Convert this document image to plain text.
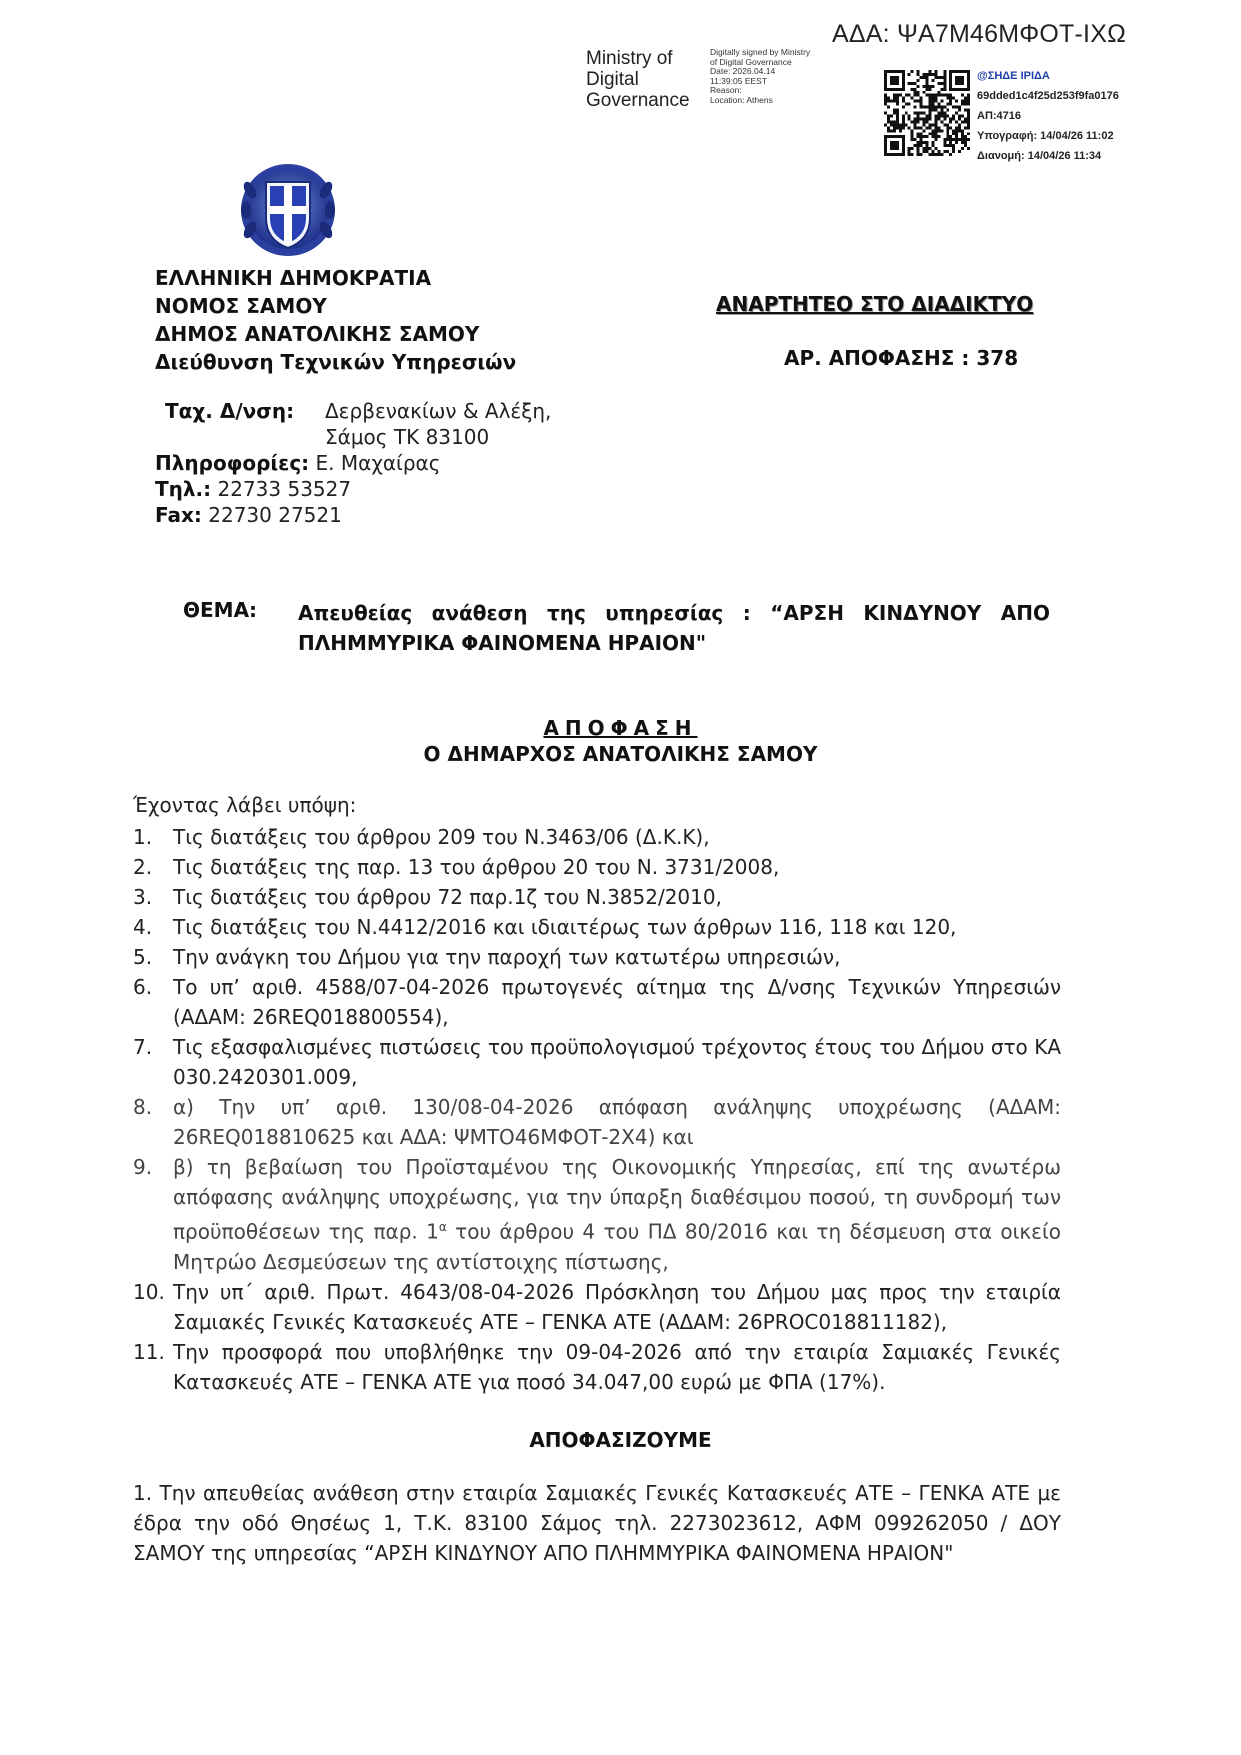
ΑΔΑ: ΨΑ7Μ46ΜΦΟΤ-ΙΧΩ
Ministry of
Digital
Governance
Digitally signed by Ministry
of Digital Governance
Date: 2026.04.14
11:39:05 EEST
Reason:
Location: Athens
@ΣΗΔΕ ΙΡΙΔΑ
69dded1c4f25d253f9fa0176
ΑΠ:4716
Υπογραφή: 14/04/26 11:02
Διανομή: 14/04/26 11:34
ΕΛΛΗΝΙΚΗ ΔΗΜΟΚΡΑΤΙΑ
ΝΟΜΟΣ ΣΑΜΟΥ
ΔΗΜΟΣ ΑΝΑΤΟΛΙΚΗΣ ΣΑΜΟΥ
Διεύθυνση Τεχνικών Υπηρεσιών
ΑΝΑΡΤΗΤΕΟ ΣΤΟ ΔΙΑΔΙΚΤΥΟ
ΑΡ. ΑΠΟΦΑΣΗΣ : 378
Ταχ. Δ/νση: Δερβενακίων & Αλέξη,
Σάμος ΤΚ 83100
Πληροφορίες: Ε. Μαχαίρας
Τηλ.: 22733 53527
Fax: 22730 27521
ΘΕΜΑ: Απευθείας ανάθεση της υπηρεσίας : “ΑΡΣΗ ΚΙΝΔΥΝΟΥ ΑΠΟ ΠΛΗΜΜΥΡΙΚΑ ΦΑΙΝΟΜΕΝΑ ΗΡΑΙΟΝ"
ΑΠΟΦΑΣΗ
Ο ΔΗΜΑΡΧΟΣ ΑΝΑΤΟΛΙΚΗΣ ΣΑΜΟΥ
Έχοντας λάβει υπόψη:
1. Τις διατάξεις του άρθρου 209 του Ν.3463/06 (Δ.Κ.Κ),
2. Τις διατάξεις της παρ. 13 του άρθρου 20 του Ν. 3731/2008,
3. Τις διατάξεις του άρθρου 72 παρ.1ζ του Ν.3852/2010,
4. Τις διατάξεις του Ν.4412/2016 και ιδιαιτέρως των άρθρων 116, 118 και 120,
5. Την ανάγκη του Δήμου για την παροχή των κατωτέρω υπηρεσιών,
6. Το υπ’ αριθ. 4588/07-04-2026 πρωτογενές αίτημα της Δ/νσης Τεχνικών Υπηρεσιών (ΑΔΑΜ: 26REQ018800554),
7. Τις εξασφαλισμένες πιστώσεις του προϋπολογισμού τρέχοντος έτους του Δήμου στο ΚΑ 030.2420301.009,
8. α) Την υπ’ αριθ. 130/08-04-2026 απόφαση ανάληψης υποχρέωσης (ΑΔΑΜ: 26REQ018810625 και ΑΔΑ: ΨΜΤΟ46ΜΦΟΤ-2Χ4) και
9. β) τη βεβαίωση του Προϊσταμένου της Οικονομικής Υπηρεσίας, επί της ανωτέρω απόφασης ανάληψης υποχρέωσης, για την ύπαρξη διαθέσιμου ποσού, τη συνδρομή των προϋποθέσεων της παρ. $1^\alpha$ του άρθρου 4 του ΠΔ 80/2016 και τη δέσμευση στα οικείο Μητρώο Δεσμεύσεων της αντίστοιχης πίστωσης,
10. Την υπ΄ αριθ. Πρωτ. 4643/08-04-2026 Πρόσκληση του Δήμου μας προς την εταιρία Σαμιακές Γενικές Κατασκευές ΑΤΕ – ΓΕΝΚΑ ΑΤΕ (ΑΔΑΜ: 26PROC018811182),
11. Την προσφορά που υποβλήθηκε την 09-04-2026 από την εταιρία Σαμιακές Γενικές Κατασκευές ΑΤΕ – ΓΕΝΚΑ ΑΤΕ για ποσό 34.047,00 ευρώ με ΦΠΑ (17%).
ΑΠΟΦΑΣΙΖΟΥΜΕ
1. Την απευθείας ανάθεση στην εταιρία Σαμιακές Γενικές Κατασκευές ΑΤΕ – ΓΕΝΚΑ ΑΤΕ με έδρα την οδό Θησέως 1, Τ.Κ. 83100 Σάμος τηλ. 2273023612, ΑΦΜ 099262050 / ΔΟΥ ΣΑΜΟΥ της υπηρεσίας “ΑΡΣΗ ΚΙΝΔΥΝΟΥ ΑΠΟ ΠΛΗΜΜΥΡΙΚΑ ΦΑΙΝΟΜΕΝΑ ΗΡΑΙΟΝ"
